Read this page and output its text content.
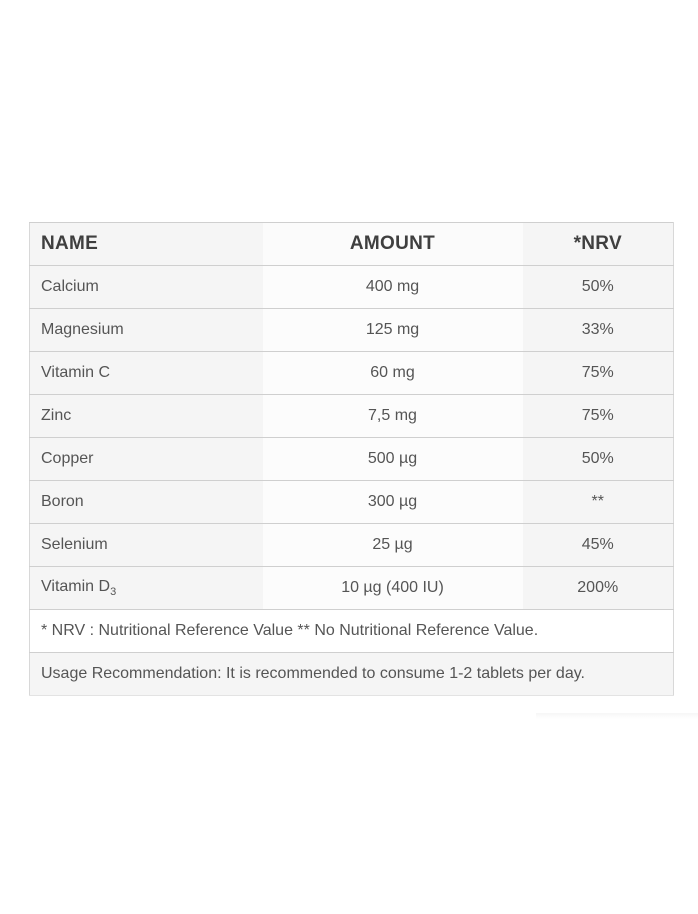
NAME	AMOUNT	*NRV
Calcium	400 mg	50%
Magnesium	125 mg	33%
Vitamin C	60 mg	75%
Zinc	7,5 mg	75%
Copper	500 µg	50%
Boron	300 µg	**
Selenium	25 µg	45%
Vitamin $D_3$	10 µg (400 IU)	200%
* NRV : Nutritional Reference Value ** No Nutritional Reference Value.		
Usage Recommendation: It is recommended to consume 1-2 tablets per day.		
